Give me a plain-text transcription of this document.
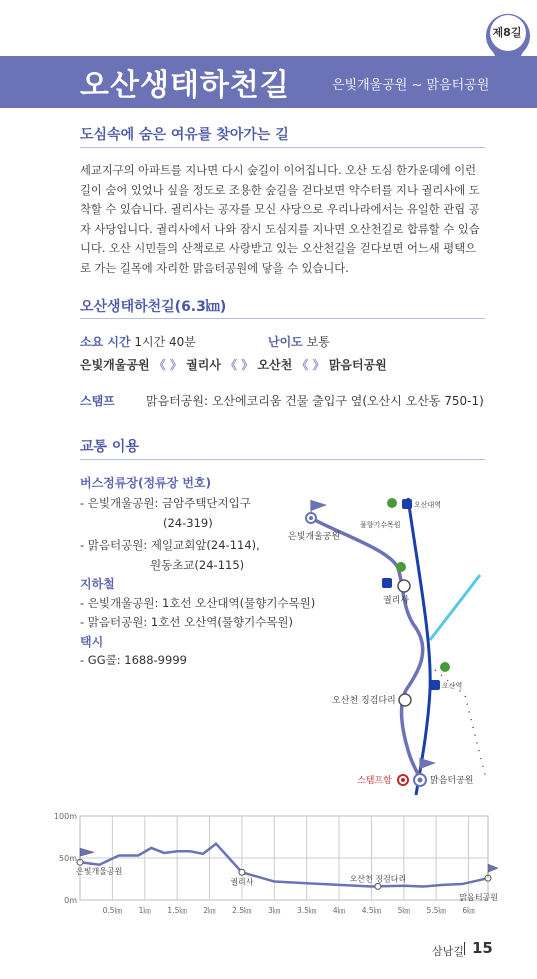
제8길
오산생태하천길	은빛개울공원 ~ 맑음터공원
도심속에 숨은 여유를 찾아가는 길
세교지구의 아파트를 지나면 다시 숲길이 이어집니다. 오산 도심 한가운데에 이런 길이 숨어 있었나 싶을 정도로 조용한 숲길을 걷다보면 약수터를 지나 궐리사에 도착할 수 있습니다. 궐리사는 공자를 모신 사당으로 우리나라에서는 유일한 관립 공자 사당입니다. 궐리사에서 나와 잠시 도심지를 지나면 오산천길로 합류할 수 있습니다. 오산 시민들의 산책로로 사랑받고 있는 오산천길을 걷다보면 어느새 평택으로 가는 길목에 자리한 맑음터공원에 닿을 수 있습니다.
오산생태하천길(6.3㎞)
소요 시간 1시간 40분	난이도 보통
은빛개울공원 《 》 궐리사 《 》 오산천 《 》 맑음터공원
스탬프	맑음터공원: 오산에코리움 건물 출입구 옆(오산시 오산동 750-1)
교통 이용
버스정류장(정류장 번호)
- 은빛개울공원: 금암주택단지입구
(24-319)
- 맑음터공원: 제일교회앞(24-114),
원동초교(24-115)
지하철
- 은빛개울공원: 1호선 오산대역(물향기수목원)
- 맑음터공원: 1호선 오산역(물향기수목원)
택시
- GG콜: 1688-9999
은빛개울공원
물향기수목원
오산대역
궐리사
오산역
오산천 징검다리
스탬프함	맑음터공원
100m
50m
0m
0.5㎞ 1㎞ 1.5㎞ 2㎞ 2.5㎞ 3㎞ 3.5㎞ 4㎞ 4.5㎞ 5㎞ 5.5㎞ 6㎞
은빛개울공원
궐리사	오산천 징검다리
맑음터공원
삼남길 15
